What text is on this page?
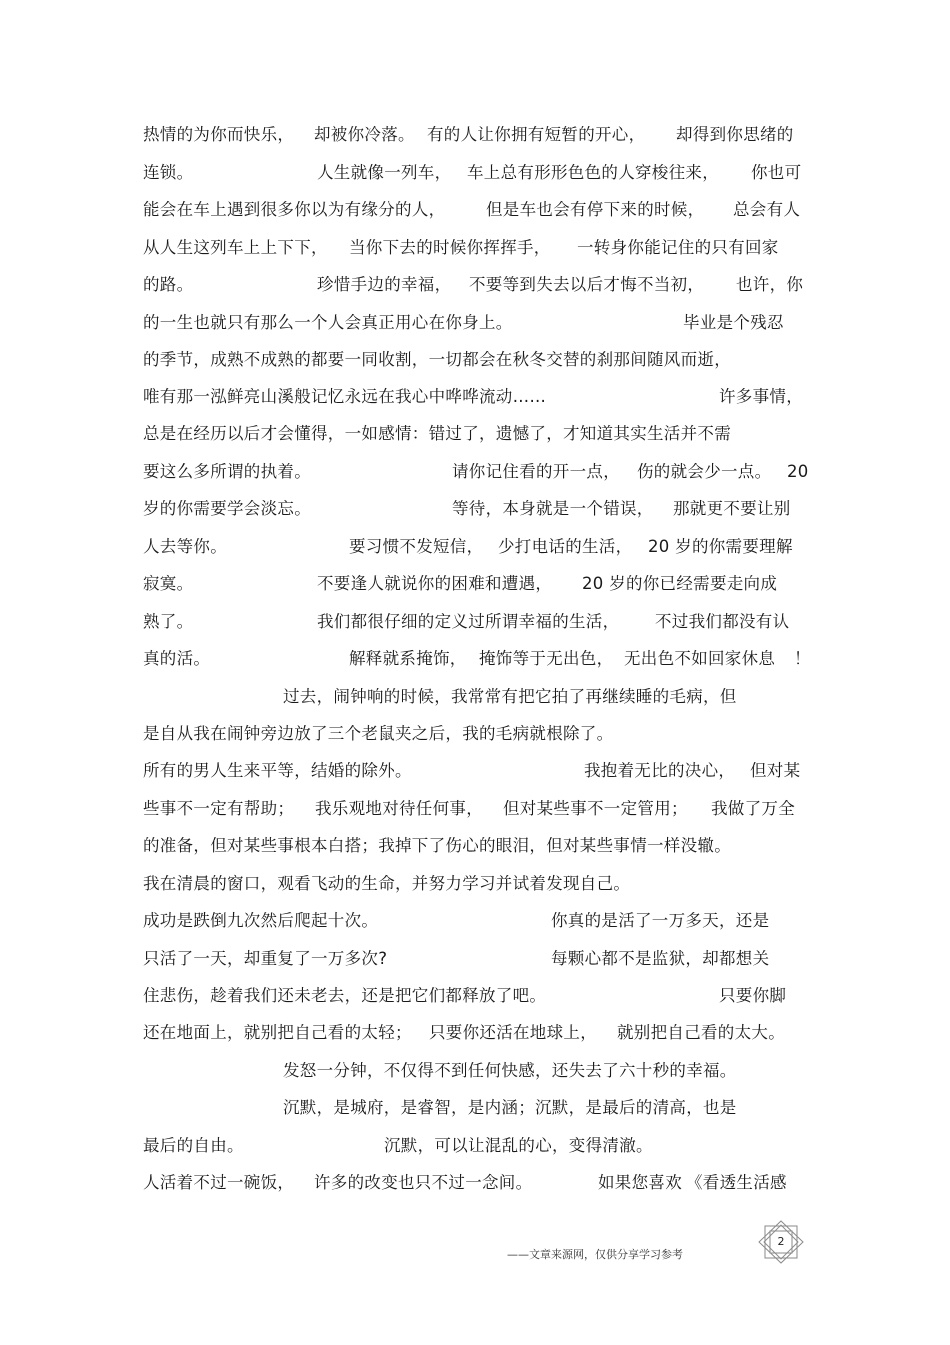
热情的为你而快乐， 却被你冷落。 有的人让你拥有短暂的开心， 却得到你思绪的
连锁。	人生就像一列车， 车上总有形形色色的人穿梭往来， 你也可
能会在车上遇到很多你以为有缘分的人， 但是车也会有停下来的时候， 总会有人
从人生这列车上上下下， 当你下去的时候你挥挥手， 一转身你能记住的只有回家
的路。	珍惜手边的幸福， 不要等到失去以后才悔不当初， 也许，你
的一生也就只有那么一个人会真正用心在你身上。	毕业是个残忍
的季节，成熟不成熟的都要一同收割，一切都会在秋冬交替的刹那间随风而逝，
唯有那一泓鲜亮山溪般记忆永远在我心中哗哗流动……	许多事情，
总是在经历以后才会懂得，一如感情：错过了，遗憾了，才知道其实生活并不需
要这么多所谓的执着。	请你记住看的开一点， 伤的就会少一点。 20
岁的你需要学会淡忘。	等待，本身就是一个错误， 那就更不要让别
人去等你。	要习惯不发短信， 少打电话的生活， 20 岁的你需要理解
寂寞。	不要逢人就说你的困难和遭遇， 20 岁的你已经需要走向成
熟了。	我们都很仔细的定义过所谓幸福的生活， 不过我们都没有认
真的活。	解释就系掩饰， 掩饰等于无出色， 无出色不如回家休息 ！
过去，闹钟响的时候，我常常有把它拍了再继续睡的毛病，但
是自从我在闹钟旁边放了三个老鼠夹之后，我的毛病就根除了。
所有的男人生来平等，结婚的除外。	我抱着无比的决心， 但对某
些事不一定有帮助； 我乐观地对待任何事， 但对某些事不一定管用； 我做了万全
的准备，但对某些事根本白搭；我掉下了伤心的眼泪，但对某些事情一样没辙。
我在清晨的窗口，观看飞动的生命，并努力学习并试着发现自己。
成功是跌倒九次然后爬起十次。	你真的是活了一万多天，还是
只活了一天，却重复了一万多次?	每颗心都不是监狱，却都想关
住悲伤，趁着我们还未老去，还是把它们都释放了吧。	只要你脚
还在地面上，就别把自己看的太轻； 只要你还活在地球上， 就别把自己看的太大。
发怒一分钟，不仅得不到任何快感，还失去了六十秒的幸福。
沉默，是城府，是睿智，是内涵；沉默，是最后的清高，也是
最后的自由。	沉默，可以让混乱的心，变得清澈。
人活着不过一碗饭， 许多的改变也只不过一念间。	如果您喜欢 《看透生活感
2
——文章来源网，仅供分享学习参考
